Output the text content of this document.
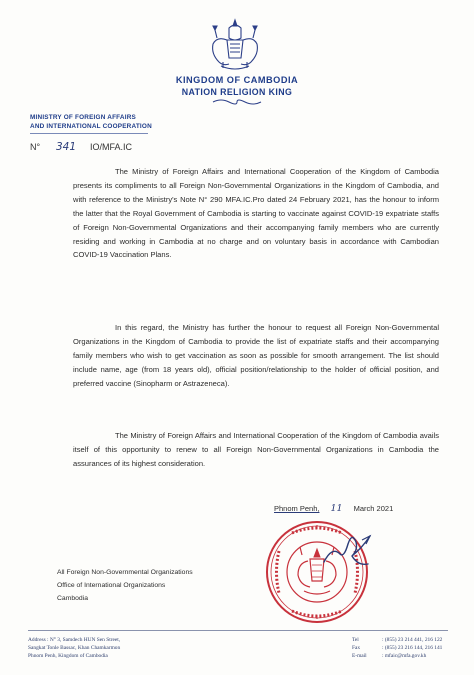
KINGDOM OF CAMBODIA
NATION RELIGION KING
MINISTRY OF FOREIGN AFFAIRS
AND INTERNATIONAL COOPERATION
N° 341 IO/MFA.IC
The Ministry of Foreign Affairs and International Cooperation of the Kingdom of Cambodia presents its compliments to all Foreign Non-Governmental Organizations in the Kingdom of Cambodia, and with reference to the Ministry's Note N° 290 MFA.IC.Pro dated 24 February 2021, has the honour to inform the latter that the Royal Government of Cambodia is starting to vaccinate against COVID-19 expatriate staffs of Foreign Non-Governmental Organizations and their accompanying family members who are currently residing and working in Cambodia at no charge and on voluntary basis in accordance with Cambodian COVID-19 Vaccination Plans.
In this regard, the Ministry has further the honour to request all Foreign Non-Governmental Organizations in the Kingdom of Cambodia to provide the list of expatriate staffs and their accompanying family members who wish to get vaccination as soon as possible for smooth arrangement. The list should include name, age (from 18 years old), official position/relationship to the holder of official position, and preferred vaccine (Sinopharm or Astrazeneca).
The Ministry of Foreign Affairs and International Cooperation of the Kingdom of Cambodia avails itself of this opportunity to renew to all Foreign Non-Governmental Organizations in Cambodia the assurances of its highest consideration.
Phnom Penh, 11 March 2021
All Foreign Non-Governmental Organizations
Office of International Organizations
Cambodia
Address : N° 3, Samdech HUN Sen Street,
Sangkat Tonle Bassac, Khan Chamkarmon
Phnom Penh, Kingdom of Cambodia
Tel	: (855) 23 214 441, 216 122
Fax	: (855) 23 216 144, 216 141
E-mail	: mfaic@mfa.gov.kh
